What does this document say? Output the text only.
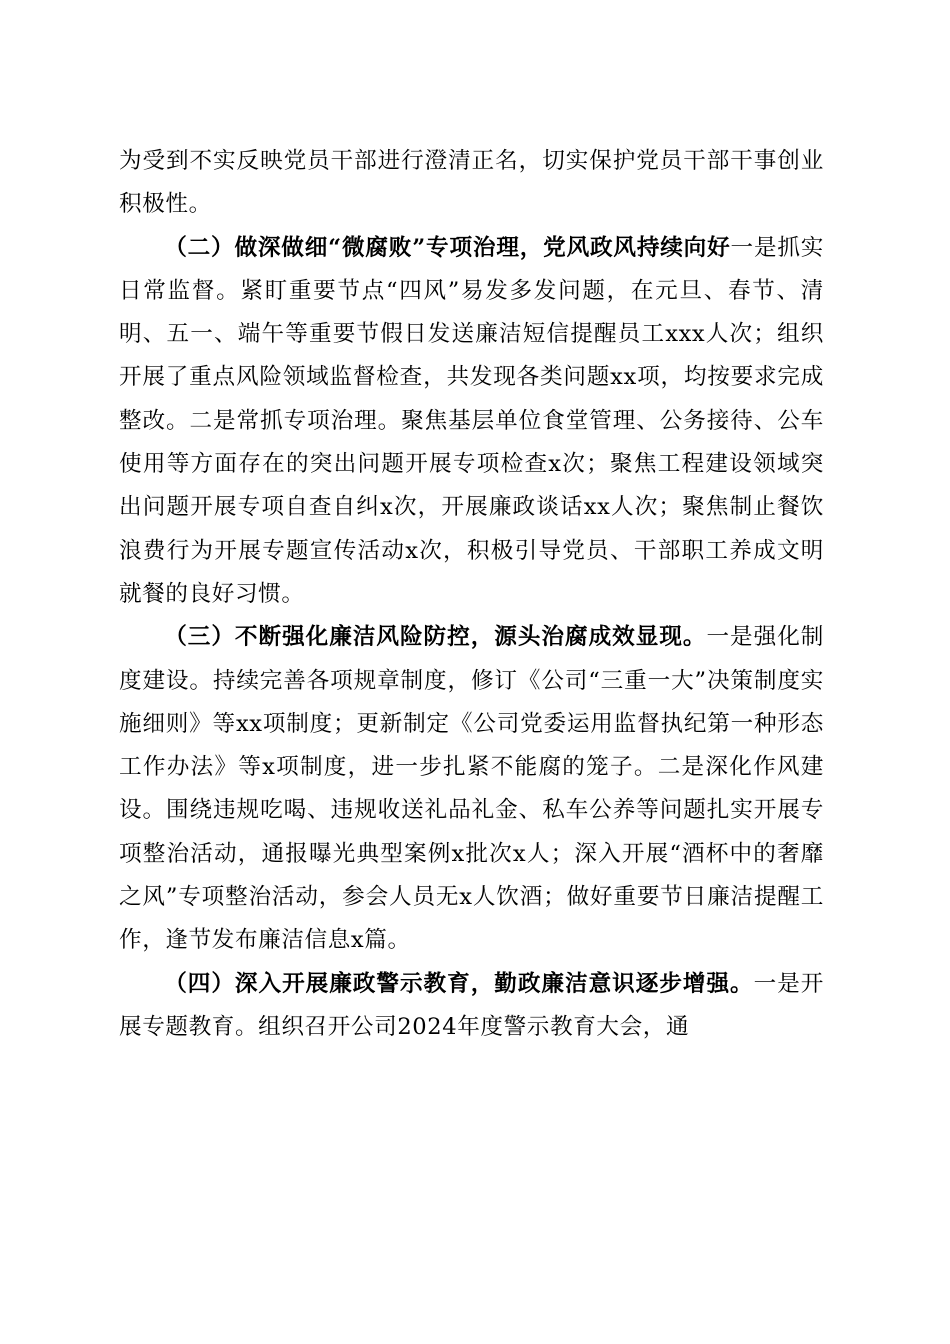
为受到不实反映党员干部进行澄清正名，切实保护党员干部干事创业积极性。

（二）做深做细“微腐败”专项治理，党风政风持续向好一是抓实日常监督。紧盯重要节点“四风”易发多发问题，在元旦、春节、清明、五一、端午等重要节假日发送廉洁短信提醒员工xxx人次；组织开展了重点风险领域监督检查，共发现各类问题xx项，均按要求完成整改。二是常抓专项治理。聚焦基层单位食堂管理、公务接待、公车使用等方面存在的突出问题开展专项检查x次；聚焦工程建设领域突出问题开展专项自查自纠x次，开展廉政谈话xx人次；聚焦制止餐饮浪费行为开展专题宣传活动x次，积极引导党员、干部职工养成文明就餐的良好习惯。

（三）不断强化廉洁风险防控，源头治腐成效显现。一是强化制度建设。持续完善各项规章制度，修订《公司“三重一大”决策制度实施细则》等xx项制度；更新制定《公司党委运用监督执纪第一种形态工作办法》等x项制度，进一步扎紧不能腐的笼子。二是深化作风建设。围绕违规吃喝、违规收送礼品礼金、私车公养等问题扎实开展专项整治活动，通报曝光典型案例x批次x人；深入开展“酒杯中的奢靡之风”专项整治活动，参会人员无x人饮酒；做好重要节日廉洁提醒工作，逢节发布廉洁信息x篇。

（四）深入开展廉政警示教育，勤政廉洁意识逐步增强。一是开展专题教育。组织召开公司2024年度警示教育大会，通
